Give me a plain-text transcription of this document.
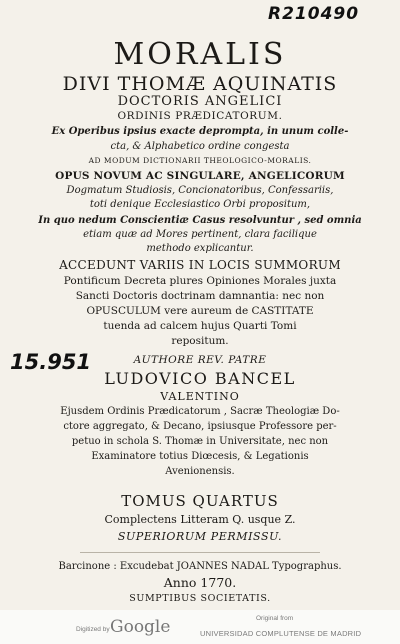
R210490
15.951
MORALIS
DIVI THOMÆ AQUINATIS
DOCTORIS ANGELICI
ORDINIS PRÆDICATORUM.
Ex Operibus ipsius exacte deprompta, in unum colle-
cta, & Alphabetico ordine congesta
AD MODUM DICTIONARII THEOLOGICO-MORALIS.
OPUS NOVUM AC SINGULARE, ANGELICORUM
Dogmatum Studiosis, Concionatoribus, Confessariis,
toti denique Ecclesiastico Orbi propositum,
In quo nedum Conscientiæ Casus resolvuntur , sed omnia
etiam quæ ad Mores pertinent, clara facilique
methodo explicantur.
ACCEDUNT VARIIS IN LOCIS SUMMORUM
Pontificum Decreta plures Opiniones Morales juxta
Sancti Doctoris doctrinam damnantia: nec non
OPUSCULUM vere aureum de CASTITATE
tuenda ad calcem hujus Quarti Tomi
repositum.
AUTHORE REV. PATRE
LUDOVICO BANCEL
VALENTINO
Ejusdem Ordinis Prædicatorum , Sacræ Theologiæ Do-
ctore aggregato, & Decano, ipsiusque Professore per-
petuo in schola S. Thomæ in Universitate, nec non
Examinatore totius Diœcesis, & Legationis
Avenionensis.
TOMUS QUARTUS
Complectens Litteram Q. usque Z.
SUPERIORUM PERMISSU.
Barcinone : Excudebat JOANNES NADAL Typographus.
Anno 1770.
SUMPTIBUS SOCIETATIS.
Digitized by Google	Original from
UNIVERSIDAD COMPLUTENSE DE MADRID
